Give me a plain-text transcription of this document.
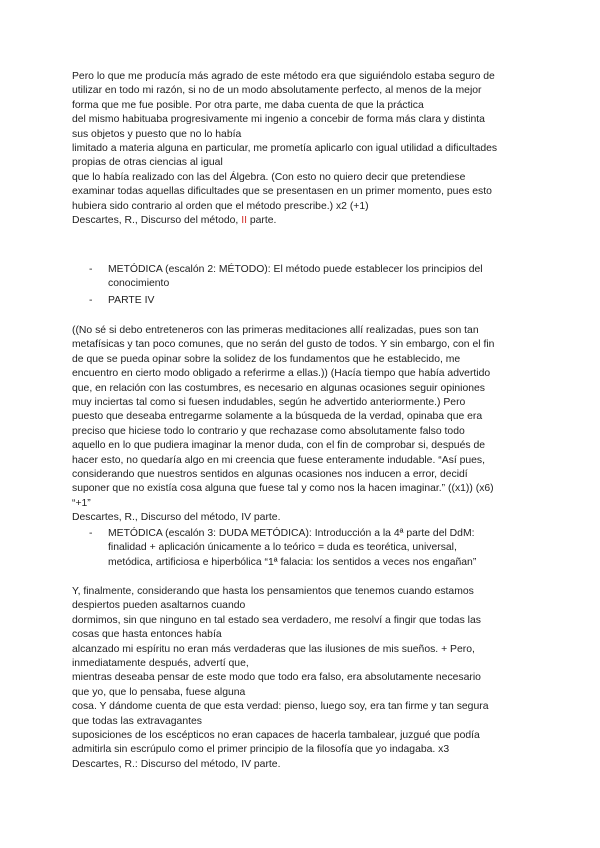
Pero lo que me producía más agrado de este método era que siguiéndolo estaba seguro de
utilizar en todo mi razón, si no de un modo absolutamente perfecto, al menos de la mejor
forma que me fue posible. Por otra parte, me daba cuenta de que la práctica
del mismo habituaba progresivamente mi ingenio a concebir de forma más clara y distinta
sus objetos y puesto que no lo había
limitado a materia alguna en particular, me prometía aplicarlo con igual utilidad a dificultades
propias de otras ciencias al igual
que lo había realizado con las del Álgebra. (Con esto no quiero decir que pretendiese
examinar todas aquellas dificultades que se presentasen en un primer momento, pues esto
hubiera sido contrario al orden que el método prescribe.) x2 (+1)
Descartes, R., Discurso del método, II parte.
- METÓDICA (escalón 2: MÉTODO): El método puede establecer los principios del
conocimiento
- PARTE IV
((No sé si debo entreteneros con las primeras meditaciones allí realizadas, pues son tan
metafísicas y tan poco comunes, que no serán del gusto de todos. Y sin embargo, con el fin
de que se pueda opinar sobre la solidez de los fundamentos que he establecido, me
encuentro en cierto modo obligado a referirme a ellas.)) (Hacía tiempo que había advertido
que, en relación con las costumbres, es necesario en algunas ocasiones seguir opiniones
muy inciertas tal como si fuesen indudables, según he advertido anteriormente.) Pero
puesto que deseaba entregarme solamente a la búsqueda de la verdad, opinaba que era
preciso que hiciese todo lo contrario y que rechazase como absolutamente falso todo
aquello en lo que pudiera imaginar la menor duda, con el fin de comprobar si, después de
hacer esto, no quedaría algo en mi creencia que fuese enteramente indudable. “Así pues,
considerando que nuestros sentidos en algunas ocasiones nos inducen a error, decidí
suponer que no existía cosa alguna que fuese tal y como nos la hacen imaginar.” ((x1)) (x6)
“+1”
Descartes, R., Discurso del método, IV parte.
- METÓDICA (escalón 3: DUDA METÓDICA): Introducción a la 4ª parte del DdM:
finalidad + aplicación únicamente a lo teórico = duda es teorética, universal,
metódica, artificiosa e hiperbólica “1ª falacia: los sentidos a veces nos engañan”
Y, finalmente, considerando que hasta los pensamientos que tenemos cuando estamos
despiertos pueden asaltarnos cuando
dormimos, sin que ninguno en tal estado sea verdadero, me resolví a fingir que todas las
cosas que hasta entonces había
alcanzado mi espíritu no eran más verdaderas que las ilusiones de mis sueños. + Pero,
inmediatamente después, advertí que,
mientras deseaba pensar de este modo que todo era falso, era absolutamente necesario
que yo, que lo pensaba, fuese alguna
cosa. Y dándome cuenta de que esta verdad: pienso, luego soy, era tan firme y tan segura
que todas las extravagantes
suposiciones de los escépticos no eran capaces de hacerla tambalear, juzgué que podía
admitirla sin escrúpulo como el primer principio de la filosofía que yo indagaba. x3
Descartes, R.: Discurso del método, IV parte.
